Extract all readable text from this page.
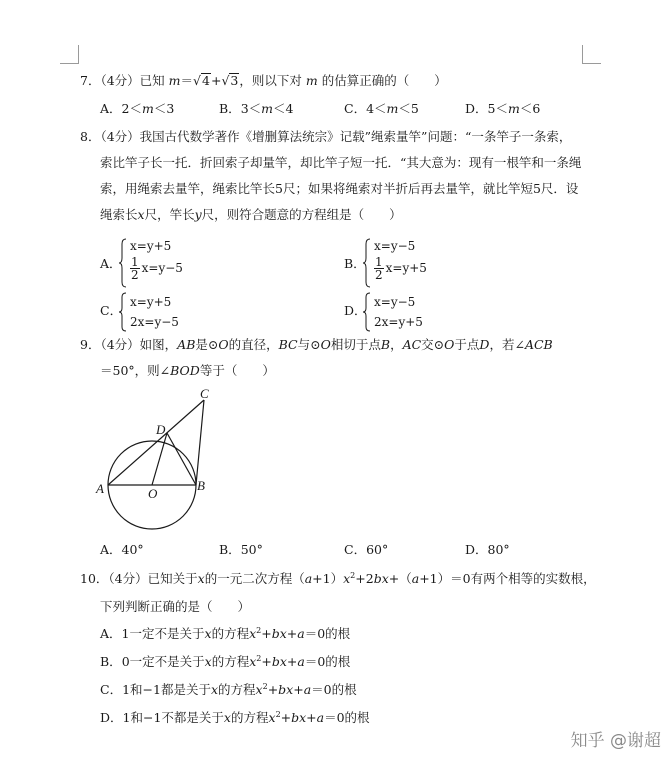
7．（4分）已知 m＝√4+√3，则以下对 m 的估算正确的（　　）
A．2＜m＜3	B．3＜m＜4	C．4＜m＜5	D．5＜m＜6
8．（4分）我国古代数学著作《增删算法统宗》记载”绳索量竿”问题：“一条竿子一条索，
索比竿子长一托．折回索子却量竿，却比竿子短一托．“其大意为：现有一根竿和一条绳
索，用绳索去量竿，绳索比竿长5尺；如果将绳索对半折后再去量竿，就比竿短5尺．设
绳索长x尺，竿长y尺，则符合题意的方程组是（　　）
A．
x=y+5
$\frac{1}{2} x=y-5$	B．
x=y−5
$\frac{1}{2} x=y+5$
C．
x=y+5
2x=y−5
D．
x=y−5
2x=y+5
9．（4分）如图，AB是⊙O的直径，BC与⊙O相切于点B，AC交⊙O于点D，若∠ACB
＝50°，则∠BOD等于（　　）
C
D
A	O
B
A．40°	B．50°	C．60°	D．80°
10．（4分）已知关于x的一元二次方程$(a+1)x^2+2bx+(a+1)=0$有两个相等的实数根，
下列判断正确的是（　　）
A．1一定不是关于x的方程$x^2+bx+a=0$的根
B．0一定不是关于x的方程$x^2+bx+a=0$的根
C．1和−1都是关于x的方程$x^2+bx+a=0$的根
D．1和−1不都是关于x的方程$x^2+bx+a=0$的根
知乎 @谢超
